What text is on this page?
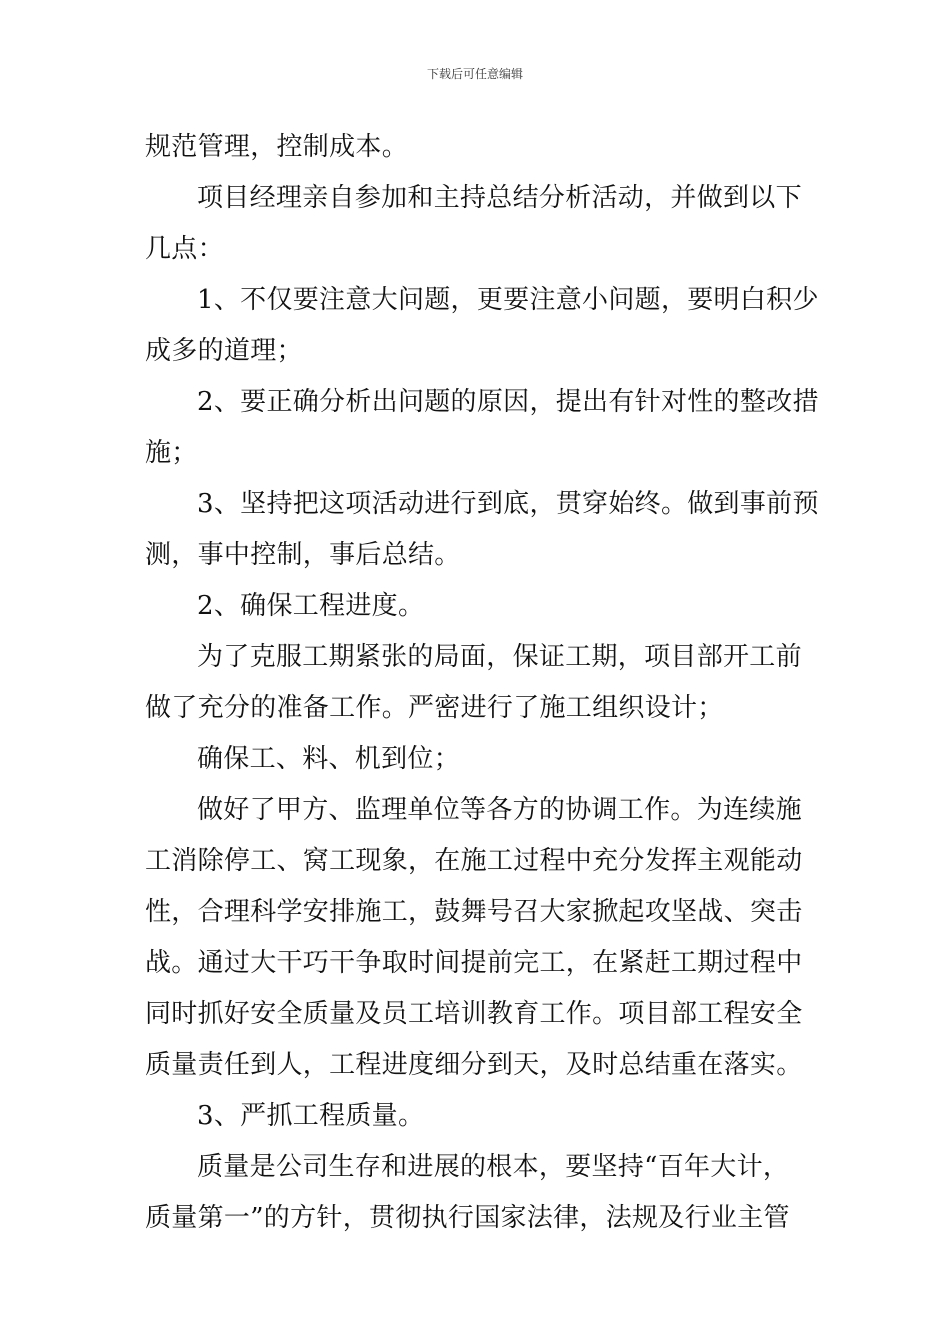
下载后可任意编辑
规范管理，控制成本。
项目经理亲自参加和主持总结分析活动，并做到以下
几点：
1、不仅要注意大问题，更要注意小问题，要明白积少
成多的道理；
2、要正确分析出问题的原因，提出有针对性的整改措
施；
3、坚持把这项活动进行到底，贯穿始终。做到事前预
测，事中控制，事后总结。
2、确保工程进度。
为了克服工期紧张的局面，保证工期，项目部开工前
做了充分的准备工作。严密进行了施工组织设计；
确保工、料、机到位；
做好了甲方、监理单位等各方的协调工作。为连续施
工消除停工、窝工现象，在施工过程中充分发挥主观能动
性，合理科学安排施工，鼓舞号召大家掀起攻坚战、突击
战。通过大干巧干争取时间提前完工，在紧赶工期过程中
同时抓好安全质量及员工培训教育工作。项目部工程安全
质量责任到人，工程进度细分到天，及时总结重在落实。
3、严抓工程质量。
质量是公司生存和进展的根本，要坚持“百年大计，
质量第一”的方针，贯彻执行国家法律，法规及行业主管
